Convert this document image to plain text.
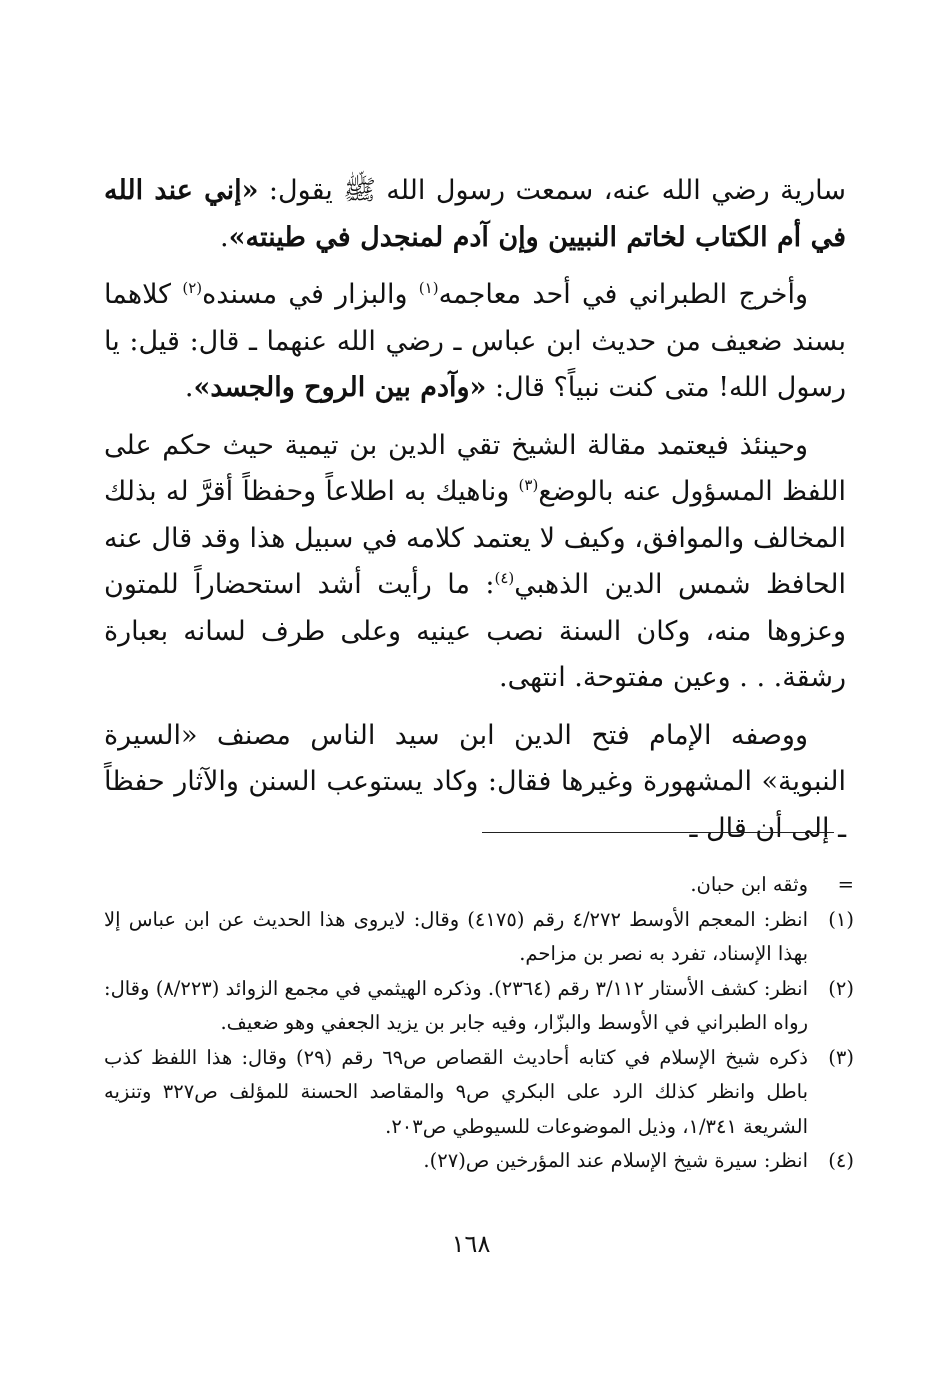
سارية رضي الله عنه، سمعت رسول الله ﷺ يقول: «إني عند الله في أم الكتاب لخاتم النبيين وإن آدم لمنجدل في طينته».

وأخرج الطبراني في أحد معاجمه$^{(١)}$ والبزار في مسنده$^{(٢)}$ كلاهما بسند ضعيف من حديث ابن عباس ـ رضي الله عنهما ـ قال: قيل: يا رسول الله! متى كنت نبياً؟ قال: «وآدم بين الروح والجسد».

وحينئذ فيعتمد مقالة الشيخ تقي الدين بن تيمية حيث حكم على اللفظ المسؤول عنه بالوضع$^{(٣)}$ وناهيك به اطلاعاً وحفظاً أقرَّ له بذلك المخالف والموافق، وكيف لا يعتمد كلامه في سبيل هذا وقد قال عنه الحافظ شمس الدين الذهبي$^{(٤)}$: ما رأيت أشد استحضاراً للمتون وعزوها منه، وكان السنة نصب عينيه وعلى طرف لسانه بعبارة رشقة. . . وعين مفتوحة. انتهى.

ووصفه الإمام فتح الدين ابن سيد الناس مصنف «السيرة النبوية» المشهورة وغيرها فقال: وكاد يستوعب السنن والآثار حفظاً ـ إلى أن قال ـ

=
وثقه ابن حبان.
(١)
انظر: المعجم الأوسط ٤/٢٧٢ رقم (٤١٧٥) وقال: لايروى هذا الحديث عن ابن عباس إلا بهذا الإسناد، تفرد به نصر بن مزاحم.
(٢)
انظر: كشف الأستار ٣/١١٢ رقم (٢٣٦٤). وذكره الهيثمي في مجمع الزوائد (٨/٢٢٣) وقال: رواه الطبراني في الأوسط والبزّار، وفيه جابر بن يزيد الجعفي وهو ضعيف.
(٣)
ذكره شيخ الإسلام في كتابه أحاديث القصاص ص٦٩ رقم (٢٩) وقال: هذا اللفظ كذب باطل وانظر كذلك الرد على البكري ص٩ والمقاصد الحسنة للمؤلف ص٣٢٧ وتنزيه الشريعة ١/٣٤١، وذيل الموضوعات للسيوطي ص٢٠٣.
(٤)
انظر: سيرة شيخ الإسلام عند المؤرخين ص(٢٧).
١٦٨
